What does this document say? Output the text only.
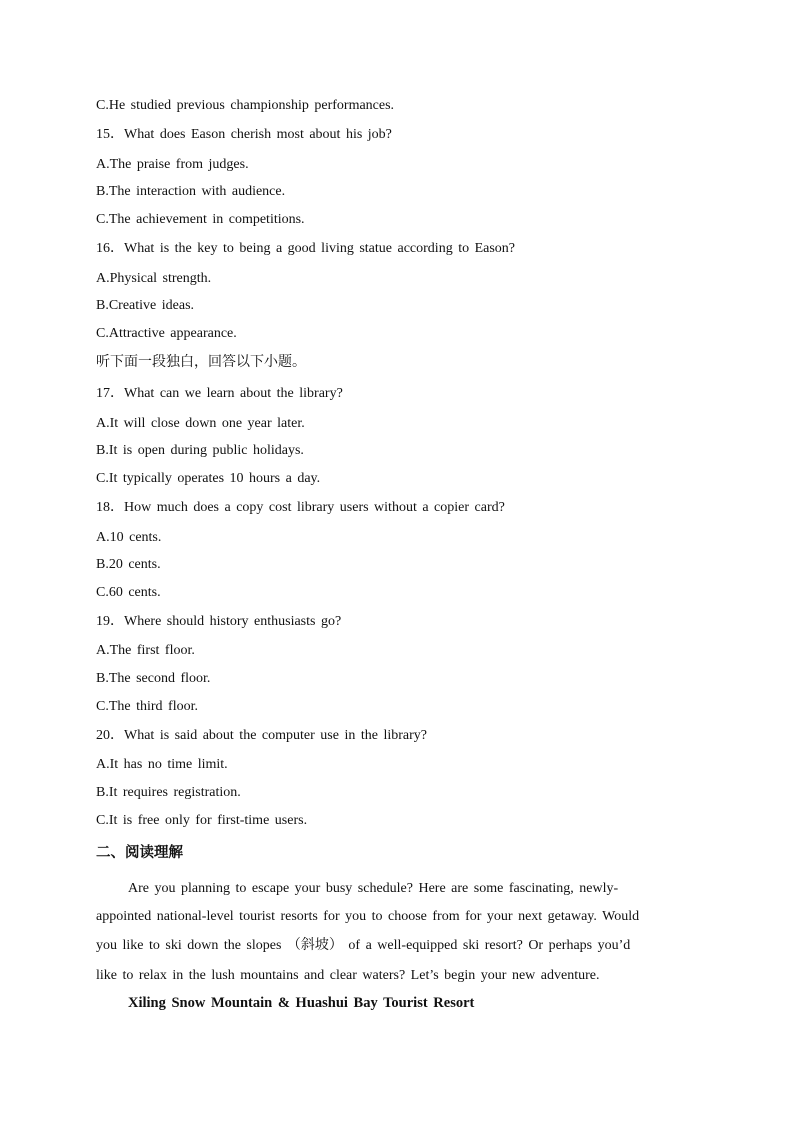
C.He studied previous championship performances.
15．What does Eason cherish most about his job?
A.The praise from judges.
B.The interaction with audience.
C.The achievement in competitions.
16．What is the key to being a good living statue according to Eason?
A.Physical strength.
B.Creative ideas.
C.Attractive appearance.
听下面一段独白，回答以下小题。
17．What can we learn about the library?
A.It will close down one year later.
B.It is open during public holidays.
C.It typically operates 10 hours a day.
18．How much does a copy cost library users without a copier card?
A.10 cents.
B.20 cents.
C.60 cents.
19．Where should history enthusiasts go?
A.The first floor.
B.The second floor.
C.The third floor.
20．What is said about the computer use in the library?
A.It has no time limit.
B.It requires registration.
C.It is free only for first-time users.
二、阅读理解
Are you planning to escape your busy schedule? Here are some fascinating, newly-
appointed national-level tourist resorts for you to choose from for your next getaway. Would
you like to ski down the slopes （斜坡） of a well-equipped ski resort? Or perhaps you’d
like to relax in the lush mountains and clear waters? Let’s begin your new adventure.
Xiling Snow Mountain & Huashui Bay Tourist Resort
